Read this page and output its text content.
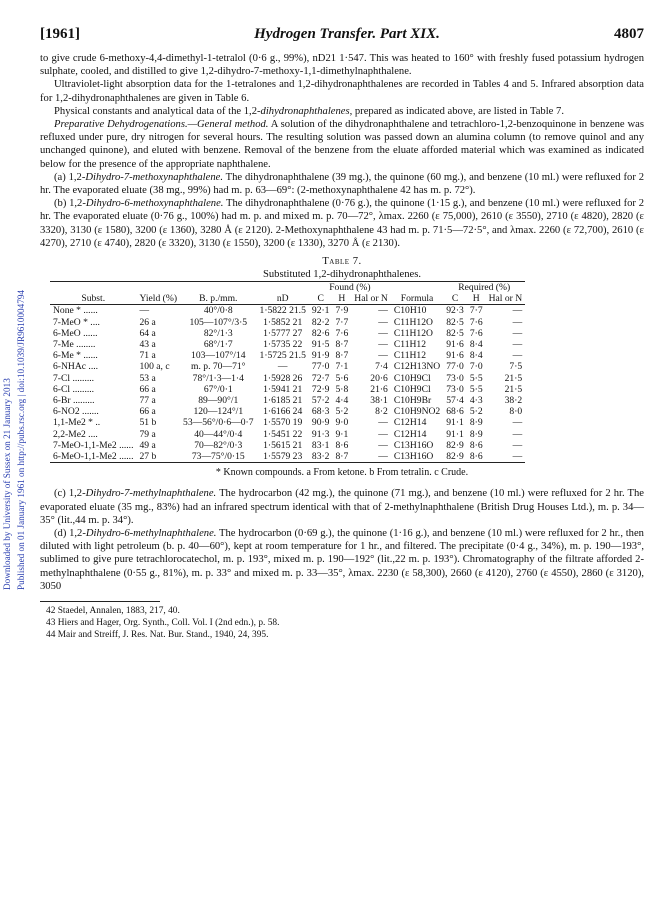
Downloaded by University of Sussex on 21 January 2013 Published on 01 January 1961 on http://pubs.rsc.org | doi:10.1039/JR9610004794
[1961]	Hydrogen Transfer. Part XIX.	4807

to give crude 6-methoxy-4,4-dimethyl-1-tetralol (0·6 g., 99%), nD21 1·547. This was heated to 160° with freshly fused potassium hydrogen sulphate, cooled, and distilled to give 1,2-dihydro-7-methoxy-1,1-dimethylnaphthalene.

Ultraviolet-light absorption data for the 1-tetralones and 1,2-dihydronaphthalenes are recorded in Tables 4 and 5. Infrared absorption data for 1,2-dihydronaphthalenes are given in Table 6.

Physical constants and analytical data of the 1,2-dihydronaphthalenes, prepared as indicated above, are listed in Table 7.

Preparative Dehydrogenations.—General method. A solution of the dihydronaphthalene and tetrachloro-1,2-benzoquinone in benzene was refluxed under pure, dry nitrogen for several hours. The resulting solution was passed down an alumina column (to remove quinol and any unchanged quinone), and eluted with benzene. Removal of the benzene from the eluate afforded material which was examined as indicated below for the presence of the appropriate naphthalene.

(a) 1,2-Dihydro-7-methoxynaphthalene. The dihydronaphthalene (39 mg.), the quinone (60 mg.), and benzene (10 ml.) were refluxed for 2 hr. The evaporated eluate (38 mg., 99%) had m. p. 63—69°: (2-methoxynaphthalene 42 has m. p. 72°).

(b) 1,2-Dihydro-6-methoxynaphthalene. The dihydronaphthalene (0·76 g.), the quinone (1·15 g.), and benzene (10 ml.) were refluxed for 2 hr. The evaporated eluate (0·76 g., 100%) had m. p. and mixed m. p. 70—72°, λmax. 2260 (ε 75,000), 2610 (ε 3550), 2710 (ε 4820), 2820 (ε 3320), 3130 (ε 1580), 3200 (ε 1360), 3280 Å (ε 2120). 2-Methoxynaphthalene 43 had m. p. 71·5—72·5°, and λmax. 2260 (ε 72,700), 2610 (ε 4270), 2710 (ε 4740), 2820 (ε 3320), 3130 (ε 1550), 3200 (ε 1330), 3270 Å (ε 2130).

Table 7.
Substituted 1,2-dihydronaphthalenes.
				Found (%)				Required (%)		
Subst.	Yield (%)	B. p./mm.	nD	C	H	Hal or N	Formula	C	H	Hal or N
None * ......	—	40°/0·8	1·5822 21.5	92·1	7·9	—	C10H10	92·3	7·7	—
7-MeO * ....	26 a	105—107°/3·5	1·5852 21	82·2	7·7	—	C11H12O	82·5	7·6	—
6-MeO ......	64 a	82°/1·3	1·5777 27	82·6	7·6	—	C11H12O	82·5	7·6	—
7-Me ........	43 a	68°/1·7	1·5735 22	91·5	8·7	—	C11H12	91·6	8·4	—
6-Me * ......	71 a	103—107°/14	1·5725 21.5	91·9	8·7	—	C11H12	91·6	8·4	—
6-NHAc ....	100 a, c	m. p. 70—71°	—	77·0	7·1	7·4	C12H13NO	77·0	7·0	7·5
7-Cl .........	53 a	78°/1·3—1·4	1·5928 26	72·7	5·6	20·6	C10H9Cl	73·0	5·5	21·5
6-Cl .........	66 a	67°/0·1	1·5941 21	72·9	5·8	21·6	C10H9Cl	73·0	5·5	21·5
6-Br .........	77 a	89—90°/1	1·6185 21	57·2	4·4	38·1	C10H9Br	57·4	4·3	38·2
6-NO2 .......	66 a	120—124°/1	1·6166 24	68·3	5·2	8·2	C10H9NO2	68·6	5·2	8·0
1,1-Me2 * ..	51 b	53—56°/0·6—0·7	1·5570 19	90·9	9·0	—	C12H14	91·1	8·9	—
2,2-Me2 ....	79 a	40—44°/0·4	1·5451 22	91·3	9·1	—	C12H14	91·1	8·9	—
7-MeO-1,1-Me2 ......	49 a	70—82°/0·3	1·5615 21	83·1	8·6	—	C13H16O	82·9	8·6	—
6-MeO-1,1-Me2 ......	27 b	73—75°/0·15	1·5579 23	83·2	8·7	—	C13H16O	82·9	8·6	—
* Known compounds. a From ketone. b From tetralin. c Crude.

(c) 1,2-Dihydro-7-methylnaphthalene. The hydrocarbon (42 mg.), the quinone (71 mg.), and benzene (10 ml.) were refluxed for 2 hr. The evaporated eluate (35 mg., 83%) had an infrared spectrum identical with that of 2-methylnaphthalene (British Drug Houses Ltd.), m. p. 34—35° (lit.,44 m. p. 34°).

(d) 1,2-Dihydro-6-methylnaphthalene. The hydrocarbon (0·69 g.), the quinone (1·16 g.), and benzene (10 ml.) were refluxed for 2 hr., then diluted with light petroleum (b. p. 40—60°), kept at room temperature for 1 hr., and filtered. The precipitate (0·4 g., 34%), m. p. 190—193°, sublimed to give pure tetrachlorocatechol, m. p. 193°, mixed m. p. 190—192° (lit.,22 m. p. 193°). Chromatography of the filtrate afforded 2-methylnaphthalene (0·55 g., 81%), m. p. 33° and mixed m. p. 33—35°, λmax. 2230 (ε 58,300), 2660 (ε 4120), 2760 (ε 4550), 2860 (ε 3120), 3050

42 Staedel, Annalen, 1883, 217, 40.
43 Hiers and Hager, Org. Synth., Coll. Vol. I (2nd edn.), p. 58.
44 Mair and Streiff, J. Res. Nat. Bur. Stand., 1940, 24, 395.
